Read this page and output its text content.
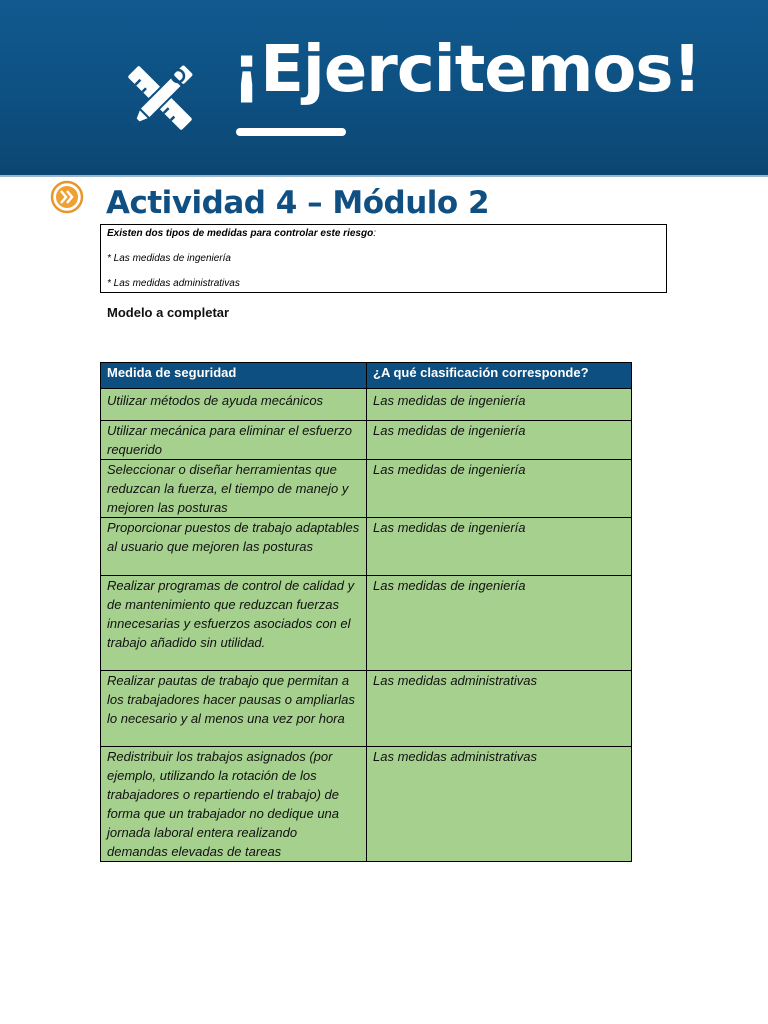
¡Ejercitemos!
Actividad 4 – Módulo 2
Existen dos tipos de medidas para controlar este riesgo:
* Las medidas de ingeniería
* Las medidas administrativas
Modelo a completar
Medida de seguridad	¿A qué clasificación corresponde?
Utilizar métodos de ayuda mecánicos	Las medidas de ingeniería
Utilizar mecánica para eliminar el esfuerzo requerido	Las medidas de ingeniería
Seleccionar o diseñar herramientas que reduzcan la fuerza, el tiempo de manejo y mejoren las posturas	Las medidas de ingeniería
Proporcionar puestos de trabajo adaptables al usuario que mejoren las posturas	Las medidas de ingeniería
Realizar programas de control de calidad y de mantenimiento que reduzcan fuerzas innecesarias y esfuerzos asociados con el trabajo añadido sin utilidad.	Las medidas de ingeniería
Realizar pautas de trabajo que permitan a los trabajadores hacer pausas o ampliarlas lo necesario y al menos una vez por hora	Las medidas administrativas
Redistribuir los trabajos asignados (por ejemplo, utilizando la rotación de los trabajadores o repartiendo el trabajo) de forma que un trabajador no dedique una jornada laboral entera realizando demandas elevadas de tareas	Las medidas administrativas
